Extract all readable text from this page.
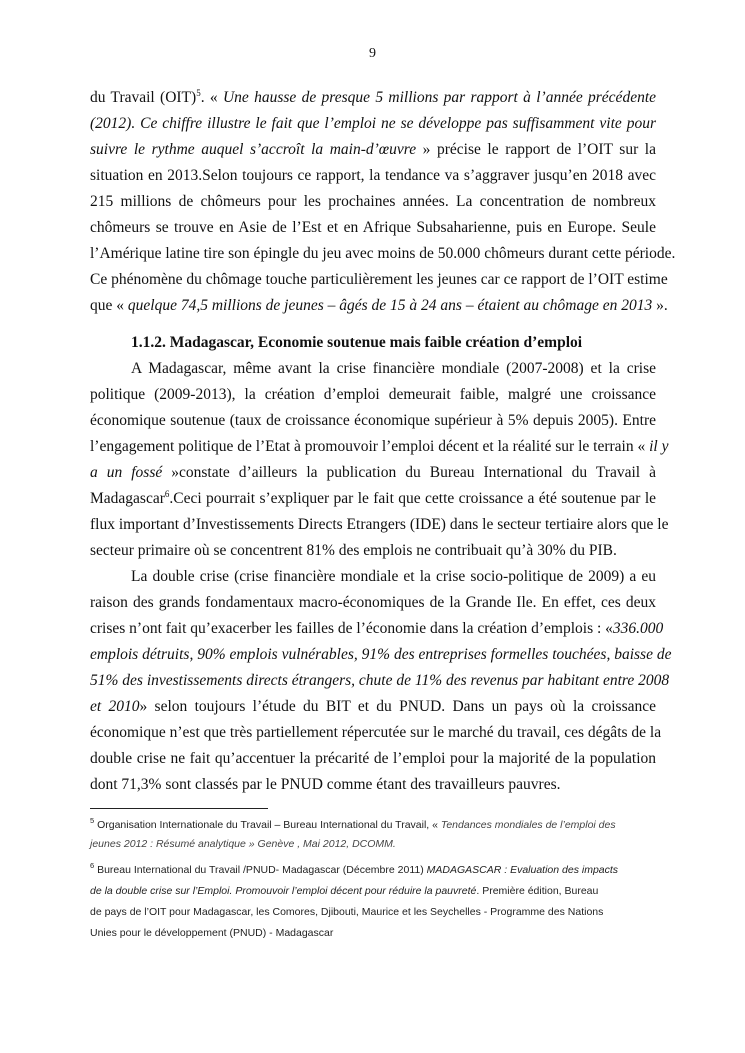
9
du Travail (OIT)$^5$. « Une hausse de presque 5 millions par rapport à l’année précédente
(2012). Ce chiffre illustre le fait que l’emploi ne se développe pas suffisamment vite pour
suivre le rythme auquel s’accroît la main-d’œuvre » précise le rapport de l’OIT sur la
situation en 2013.Selon toujours ce rapport, la tendance va s’aggraver jusqu’en 2018 avec
215 millions de chômeurs pour les prochaines années. La concentration de nombreux
chômeurs se trouve en Asie de l’Est et en Afrique Subsaharienne, puis en Europe. Seule
l’Amérique latine tire son épingle du jeu avec moins de 50.000 chômeurs durant cette période.
Ce phénomène du chômage touche particulièrement les jeunes car ce rapport de l’OIT estime
que « quelque 74,5 millions de jeunes – âgés de 15 à 24 ans – étaient au chômage en 2013 ».
1.1.2. Madagascar, Economie soutenue mais faible création d’emploi
A Madagascar, même avant la crise financière mondiale (2007-2008) et la crise
politique (2009-2013), la création d’emploi demeurait faible, malgré une croissance
économique soutenue (taux de croissance économique supérieur à 5% depuis 2005). Entre
l’engagement politique de l’Etat à promouvoir l’emploi décent et la réalité sur le terrain « il y
a un fossé »constate d’ailleurs la publication du Bureau International du Travail à
Madagascar$^6$.Ceci pourrait s’expliquer par le fait que cette croissance a été soutenue par le
flux important d’Investissements Directs Etrangers (IDE) dans le secteur tertiaire alors que le
secteur primaire où se concentrent 81% des emplois ne contribuait qu’à 30% du PIB.
La double crise (crise financière mondiale et la crise socio-politique de 2009) a eu
raison des grands fondamentaux macro-économiques de la Grande Ile. En effet, ces deux
crises n’ont fait qu’exacerber les failles de l’économie dans la création d’emplois : «336.000
emplois détruits, 90% emplois vulnérables, 91% des entreprises formelles touchées, baisse de
51% des investissements directs étrangers, chute de 11% des revenus par habitant entre 2008
et 2010» selon toujours l’étude du BIT et du PNUD. Dans un pays où la croissance
économique n’est que très partiellement répercutée sur le marché du travail, ces dégâts de la
double crise ne fait qu’accentuer la précarité de l’emploi pour la majorité de la population
dont 71,3% sont classés par le PNUD comme étant des travailleurs pauvres.
$^5$ Organisation Internationale du Travail – Bureau International du Travail, « Tendances mondiales de l’emploi des
jeunes 2012 : Résumé analytique » Genève , Mai 2012, DCOMM.
$^6$ Bureau International du Travail /PNUD- Madagascar (Décembre 2011) MADAGASCAR : Evaluation des impacts
de la double crise sur l’Emploi. Promouvoir l’emploi décent pour réduire la pauvreté. Première édition, Bureau
de pays de l’OIT pour Madagascar, les Comores, Djibouti, Maurice et les Seychelles - Programme des Nations
Unies pour le développement (PNUD) - Madagascar
